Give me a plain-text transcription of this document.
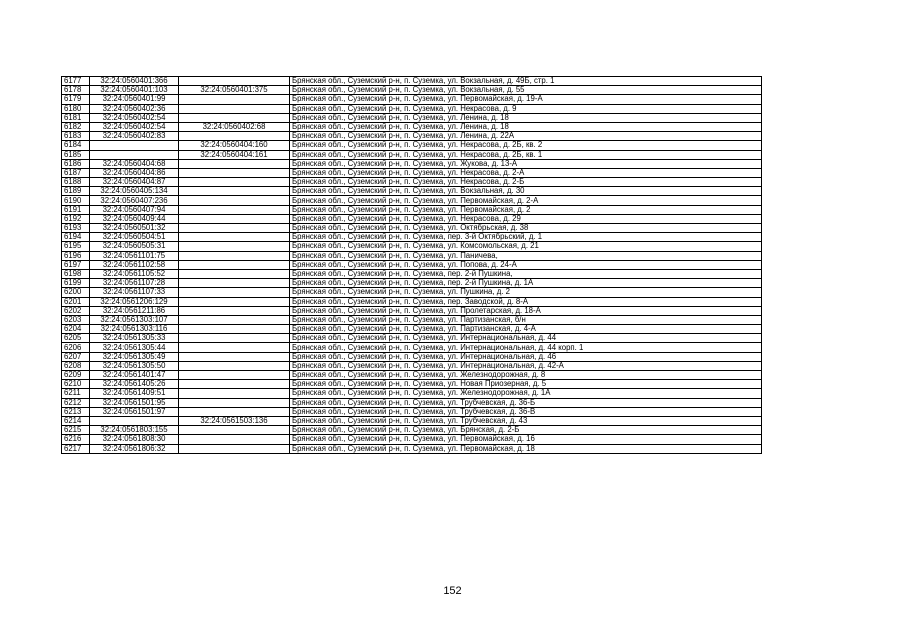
6177	32:24:0560401:366		Брянская обл., Суземский р-н, п. Суземка, ул. Вокзальная, д. 49Б, стр. 1
6178	32:24:0560401:103	32:24:0560401:375	Брянская обл., Суземский р-н, п. Суземка, ул. Вокзальная, д. 55
6179	32:24:0560401:99		Брянская обл., Суземский р-н, п. Суземка, ул. Первомайская, д. 19-А
6180	32:24:0560402:36		Брянская обл., Суземский р-н, п. Суземка, ул. Некрасова, д. 9
6181	32:24:0560402:54		Брянская обл., Суземский р-н, п. Суземка, ул. Ленина, д. 18
6182	32:24:0560402:54	32:24:0560402:68	Брянская обл., Суземский р-н, п. Суземка, ул. Ленина, д. 18
6183	32:24:0560402:83		Брянская обл., Суземский р-н, п. Суземка, ул. Ленина, д. 22А
6184		32:24:0560404:160	Брянская обл., Суземский р-н, п. Суземка, ул. Некрасова, д. 2Б, кв. 2
6185		32:24:0560404:161	Брянская обл., Суземский р-н, п. Суземка, ул. Некрасова, д. 2Б, кв. 1
6186	32:24:0560404:68		Брянская обл., Суземский р-н, п. Суземка, ул. Жукова, д. 13-А
6187	32:24:0560404:86		Брянская обл., Суземский р-н, п. Суземка, ул. Некрасова, д. 2-А
6188	32:24:0560404:87		Брянская обл., Суземский р-н, п. Суземка, ул. Некрасова, д. 2-Б
6189	32:24:0560405:134		Брянская обл., Суземский р-н, п. Суземка, ул. Вокзальная, д. 30
6190	32:24:0560407:236		Брянская обл., Суземский р-н, п. Суземка, ул. Первомайская, д. 2-А
6191	32:24:0560407:94		Брянская обл., Суземский р-н, п. Суземка, ул. Первомайская, д. 2
6192	32:24:0560409:44		Брянская обл., Суземский р-н, п. Суземка, ул. Некрасова, д. 29
6193	32:24:0560501:32		Брянская обл., Суземский р-н, п. Суземка, ул. Октябрьская, д. 38
6194	32:24:0560504:51		Брянская обл., Суземский р-н, п. Суземка, пер. 3-й Октябрьский, д. 1
6195	32:24:0560505:31		Брянская обл., Суземский р-н, п. Суземка, ул. Комсомольская, д. 21
6196	32:24:0561101:75		Брянская обл., Суземский р-н, п. Суземка, ул. Паничева,
6197	32:24:0561102:58		Брянская обл., Суземский р-н, п. Суземка, ул. Попова, д. 24-А
6198	32:24:0561105:52		Брянская обл., Суземский р-н, п. Суземка, пер. 2-й Пушкина,
6199	32:24:0561107:28		Брянская обл., Суземский р-н, п. Суземка, пер. 2-й Пушкина, д. 1А
6200	32:24:0561107:33		Брянская обл., Суземский р-н, п. Суземка, ул. Пушкина, д. 2
6201	32:24:0561206:129		Брянская обл., Суземский р-н, п. Суземка, пер. Заводской, д. 8-А
6202	32:24:0561211:86		Брянская обл., Суземский р-н, п. Суземка, ул. Пролетарская, д. 18-А
6203	32:24:0561303:107		Брянская обл., Суземский р-н, п. Суземка, ул. Партизанская, б/н
6204	32:24:0561303:116		Брянская обл., Суземский р-н, п. Суземка, ул. Партизанская, д. 4-А
6205	32:24:0561305:33		Брянская обл., Суземский р-н, п. Суземка, ул. Интернациональная, д. 44
6206	32:24:0561305:44		Брянская обл., Суземский р-н, п. Суземка, ул. Интернациональная, д. 44 корп. 1
6207	32:24:0561305:49		Брянская обл., Суземский р-н, п. Суземка, ул. Интернациональная, д. 46
6208	32:24:0561305:50		Брянская обл., Суземский р-н, п. Суземка, ул. Интернациональная, д. 42-А
6209	32:24:0561401:47		Брянская обл., Суземский р-н, п. Суземка, ул. Железнодорожная, д. 8
6210	32:24:0561405:26		Брянская обл., Суземский р-н, п. Суземка, ул. Новая Приозерная, д. 5
6211	32:24:0561409:51		Брянская обл., Суземский р-н, п. Суземка, ул. Железнодорожная, д. 1А
6212	32:24:0561501:95		Брянская обл., Суземский р-н, п. Суземка, ул. Трубчевская, д. 36-Б
6213	32:24:0561501:97		Брянская обл., Суземский р-н, п. Суземка, ул. Трубчевская, д. 36-В
6214		32:24:0561503:136	Брянская обл., Суземский р-н, п. Суземка, ул. Трубчевская, д. 43
6215	32:24:0561803:155		Брянская обл., Суземский р-н, п. Суземка, ул. Брянская, д. 2-Б
6216	32:24:0561808:30		Брянская обл., Суземский р-н, п. Суземка, ул. Первомайская, д. 16
6217	32:24:0561806:32		Брянская обл., Суземский р-н, п. Суземка, ул. Первомайская, д. 18
152
